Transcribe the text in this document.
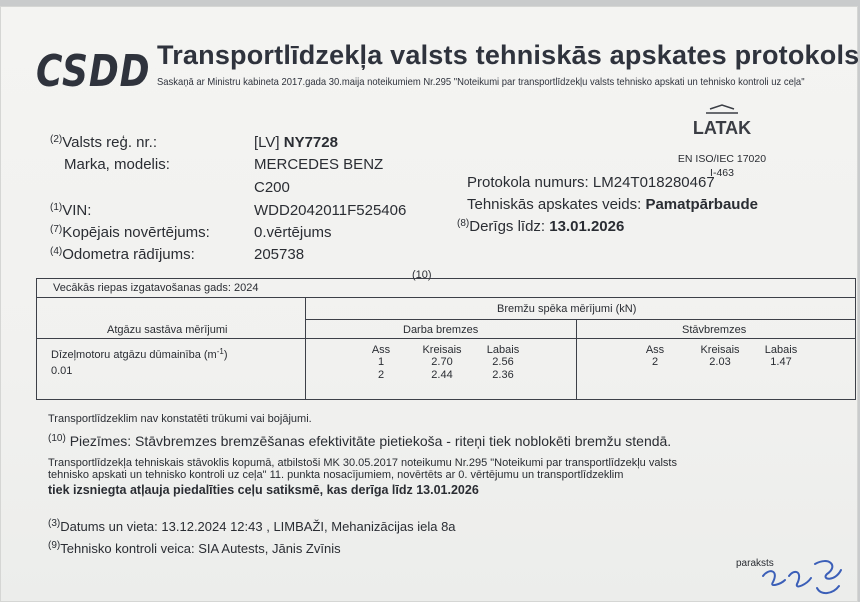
CSDD Transportlīdzekļa valsts tehniskās apskates protokols
Saskaņā ar Ministru kabineta 2017.gada 30.maija noteikumiem Nr.295 "Noteikumi par transportlīdzekļu valsts tehnisko apskati un tehnisko kontroli uz ceļa"
LATAK
EN ISO/IEC 17020
I-463
$^{(2)}$Valsts reģ. nr.:	[LV] NY7728
Marka, modelis:	MERCEDES BENZ
C200
$^{(1)}$VIN:	WDD2042011F525406
$^{(7)}$Kopējais novērtējums:	0.vērtējums
$^{(4)}$Odometra rādījums:	205738
Protokola numurs: LM24T018280467
Tehniskās apskates veids: Pamatpārbaude
$^{(8)}$Derīgs līdz: 13.01.2026
(10)
Vecākās riepas izgatavošanas gads: 2024
Bremžu spēka mērījumi (kN)
Atgāzu sastāva mērījumi	Darba bremzes	Stāvbremzes
Dīzeļmotoru atgāzu dūmainība $(m^{-1})$
0.01
Ass	Kreisais	Labais
1	2.70	2.56
2	2.44	2.36
Ass	Kreisais	Labais
2	2.03	1.47
Transportlīdzeklim nav konstatēti trūkumi vai bojājumi.
$^{(10)}$ Piezīmes: Stāvbremzes bremzēšanas efektivitāte pietiekoša - riteņi tiek noblokēti bremžu stendā.
Transportlīdzekļa tehniskais stāvoklis kopumā, atbilstoši MK 30.05.2017 noteikumu Nr.295 "Noteikumi par transportlīdzekļu valsts
tehnisko apskati un tehnisko kontroli uz ceļa" 11. punkta nosacījumiem, novērtēts ar 0. vērtējumu un transportlīdzeklim
tiek izsniegta atļauja piedalīties ceļu satiksmē, kas derīga līdz 13.01.2026
$^{(3)}$Datums un vieta: 13.12.2024 12:43 , LIMBAŽI, Mehanizācijas iela 8a
$^{(9)}$Tehnisko kontroli veica: SIA Autests, Jānis Zvīnis
paraksts
